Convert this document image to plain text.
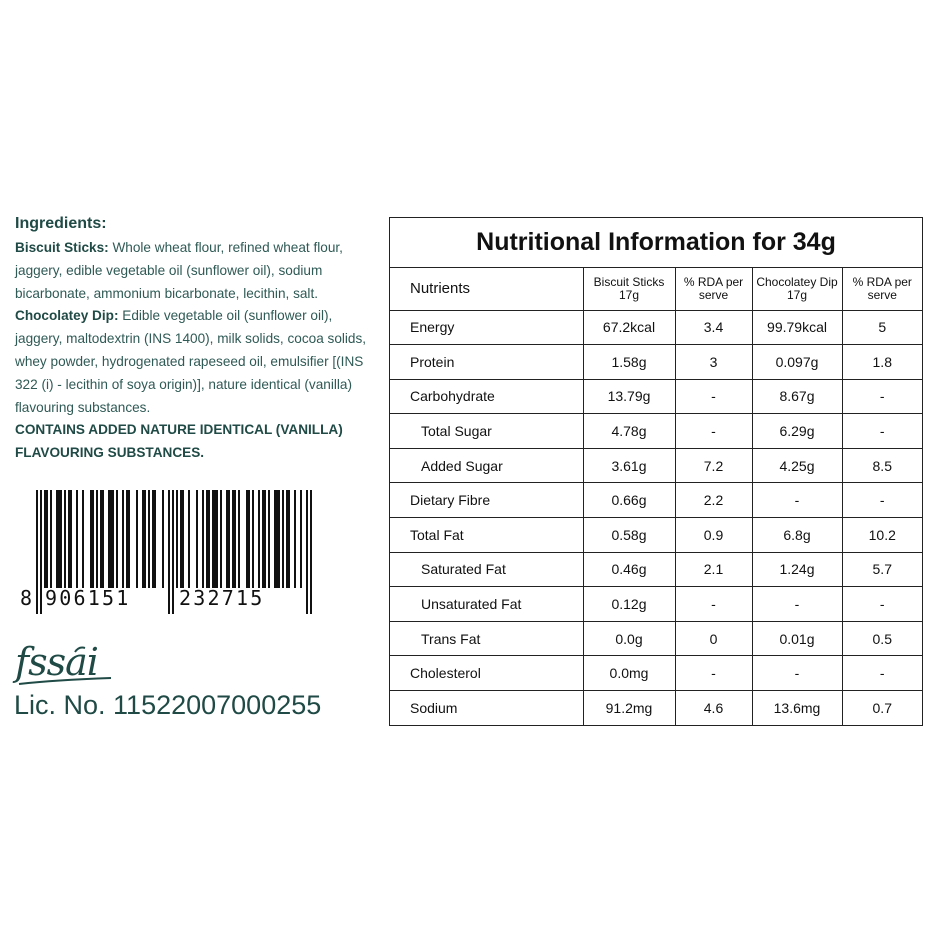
Ingredients:
Biscuit Sticks: Whole wheat flour, refined wheat flour, jaggery, edible vegetable oil (sunflower oil), sodium bicarbonate, ammonium bicarbonate, lecithin, salt.
Chocolatey Dip: Edible vegetable oil (sunflower oil), jaggery, maltodextrin (INS 1400), milk solids, cocoa solids, whey powder, hydrogenated rapeseed oil, emulsifier [(INS 322 (i) - lecithin of soya origin)], nature identical (vanilla) flavouring substances.
CONTAINS ADDED NATURE IDENTICAL (VANILLA) FLAVOURING SUBSTANCES.
8 906151 232715
fssai
Lic. No. 11522007000255
Nutritional Information for 34g
Nutrients	Biscuit Sticks 17g	% RDA per serve	Chocolatey Dip 17g	% RDA per serve
Energy	67.2kcal	3.4	99.79kcal	5
Protein	1.58g	3	0.097g	1.8
Carbohydrate	13.79g	-	8.67g	-
Total Sugar	4.78g	-	6.29g	-
Added Sugar	3.61g	7.2	4.25g	8.5
Dietary Fibre	0.66g	2.2	-	-
Total Fat	0.58g	0.9	6.8g	10.2
Saturated Fat	0.46g	2.1	1.24g	5.7
Unsaturated Fat	0.12g	-	-	-
Trans Fat	0.0g	0	0.01g	0.5
Cholesterol	0.0mg	-	-	-
Sodium	91.2mg	4.6	13.6mg	0.7
